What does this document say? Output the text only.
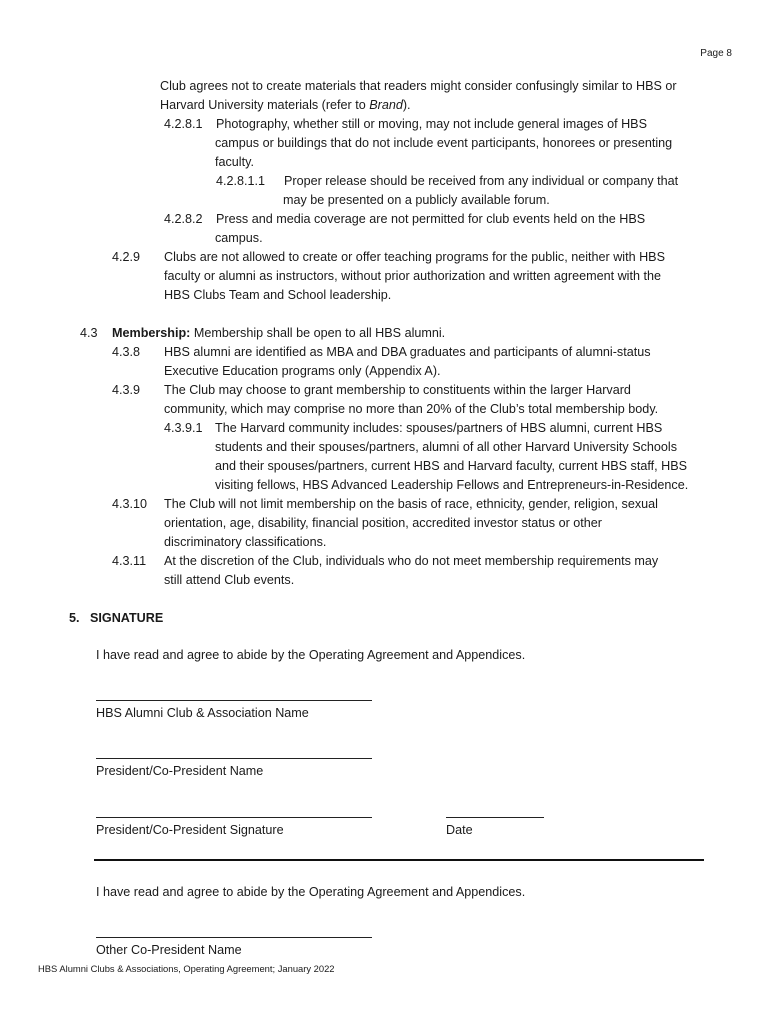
Page 8
Club agrees not to create materials that readers might consider confusingly similar to HBS or
Harvard University materials (refer to Brand).
4.2.8.1 Photography, whether still or moving, may not include general images of HBS
campus or buildings that do not include event participants, honorees or presenting
faculty.
4.2.8.1.1 Proper release should be received from any individual or company that
may be presented on a publicly available forum.
4.2.8.2 Press and media coverage are not permitted for club events held on the HBS
campus.
4.2.9 Clubs are not allowed to create or offer teaching programs for the public, neither with HBS
faculty or alumni as instructors, without prior authorization and written agreement with the
HBS Clubs Team and School leadership.
4.3 Membership: Membership shall be open to all HBS alumni.
4.3.8 HBS alumni are identified as MBA and DBA graduates and participants of alumni-status
Executive Education programs only (Appendix A).
4.3.9 The Club may choose to grant membership to constituents within the larger Harvard
community, which may comprise no more than 20% of the Club’s total membership body.
4.3.9.1 The Harvard community includes: spouses/partners of HBS alumni, current HBS
students and their spouses/partners, alumni of all other Harvard University Schools
and their spouses/partners, current HBS and Harvard faculty, current HBS staff, HBS
visiting fellows, HBS Advanced Leadership Fellows and Entrepreneurs-in-Residence.
4.3.10 The Club will not limit membership on the basis of race, ethnicity, gender, religion, sexual
orientation, age, disability, financial position, accredited investor status or other
discriminatory classifications.
4.3.11 At the discretion of the Club, individuals who do not meet membership requirements may
still attend Club events.
5.   SIGNATURE
I have read and agree to abide by the Operating Agreement and Appendices.
HBS Alumni Club & Association Name
President/Co-President Name
President/Co-President Signature	Date
I have read and agree to abide by the Operating Agreement and Appendices.
Other Co-President Name
HBS Alumni Clubs & Associations, Operating Agreement; January 2022
